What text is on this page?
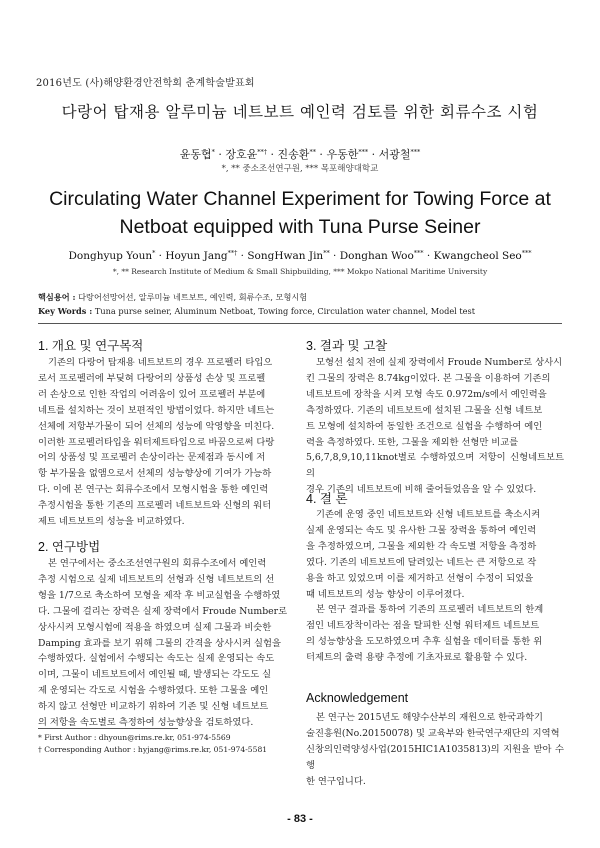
2016년도 (사)해양환경안전학회 춘계학술발표회
다랑어 탑재용 알루미늄 네트보트 예인력 검토를 위한 회류수조 시험
윤동협* · 장호윤**† · 진송환** · 우동한*** · 서광철***
*, ** 중소조선연구원, *** 목포해양대학교
Circulating Water Channel Experiment for Towing Force at Netboat equipped with Tuna Purse Seiner
Donghyup Youn* · Hoyun Jang**† · SongHwan Jin** · Donghan Woo*** · Kwangcheol Seo***
*, ** Research Institute of Medium & Small Shipbuilding, *** Mokpo National Maritime University
핵심용어 : 다랑어선망어선, 알루미늄 네트보트, 예인력, 회류수조, 모형시험
Key Words : Tuna purse seiner, Aluminum Netboat, Towing force, Circulation water channel, Model test
1. 개요 및 연구목적
기존의 다랑어 탑재용 네트보트의 경우 프로펠러 타입으
로서 프로펠러에 부딪혀 다랑어의 상품성 손상 및 프로펠
러 손상으로 인한 작업의 어려움이 있어 프로펠러 부분에
네트를 설치하는 것이 보편적인 방법이었다. 하지만 네트는
선체에 저항부가물이 되어 선체의 성능에 악영향을 미친다.
이러한 프로펠러타입을 워터제트타입으로 바꿈으로써 다랑
어의 상품성 및 프로펠러 손상이라는 문제점과 동시에 저
항 부가물을 없앰으로서 선체의 성능향상에 기여가 가능하
다. 이에 본 연구는 회류수조에서 모형시험을 통한 예인력
추정시험을 통한 기존의 프로펠러 네트보트와 신형의 워터
제트 네트보트의 성능을 비교하였다.
2. 연구방법
본 연구에서는 중소조선연구원의 회류수조에서 예인력
추정 시험으로 실제 네트보트의 선형과 신형 네트보트의 선
형을 1/7으로 축소하여 모형을 제작 후 비교실험을 수행하였
다. 그물에 걸리는 장력은 실제 장력에서 Froude Number로
상사시켜 모형시험에 적용을 하였으며 실제 그물과 비슷한
Damping 효과를 보기 위해 그물의 간격을 상사시켜 실험을
수행하였다. 실험에서 수행되는 속도는 실제 운영되는 속도
이며, 그물이 네트보트에서 예인될 때, 발생되는 각도도 실
제 운영되는 각도로 시험을 수행하였다. 또한 그물을 예인
하지 않고 선형만 비교하기 위하여 기존 및 신형 네트보트
의 저항을 속도별로 측정하여 성능향상을 검토하였다.
* First Author : dhyoun@rims.re.kr, 051-974-5569
† Corresponding Author : hyjang@rims.re.kr, 051-974-5581
3. 결과 및 고찰
모형선 설치 전에 실제 장력에서 Froude Number로 상사시
킨 그물의 장력은 8.74kg이었다. 본 그물을 이용하여 기존의
네트보트에 장착을 시켜 모형 속도 0.972m/s에서 예인력을
측정하였다. 기존의 네트보트에 설치된 그물을 신형 네트보
트 모형에 설치하여 동일한 조건으로 실험을 수행하여 예인
력을 측정하였다. 또한, 그물을 제외한 선형만 비교를
5,6,7,8,9,10,11knot별로 수행하였으며 저항이 신형네트보트의
경우 기존의 네트보트에 비해 줄어들었음을 알 수 있었다.
4. 결 론
기존에 운영 중인 네트보트와 신형 네트보트를 축소시켜
실제 운영되는 속도 및 유사한 그물 장력을 통하여 예인력
을 추정하였으며, 그물을 제외한 각 속도별 저항을 측정하
였다. 기존의 네트보트에 달려있는 네트는 큰 저항으로 작
용을 하고 있었으며 이를 제거하고 선형이 수정이 되었을
때 네트보트의 성능 향상이 이루어졌다.
본 연구 결과를 통하여 기존의 프로펠러 네트보트의 한계
점인 네트장착이라는 점을 탈피한 신형 워터제트 네트보트
의 성능향상을 도모하였으며 추후 실험을 데이터를 통한 위
터제트의 출력 용량 추정에 기초자료로 활용할 수 있다.
Acknowledgement
본 연구는 2015년도 해양수산부의 재원으로 한국과학기
술진흥원(No.20150078) 및 교육부와 한국연구재단의 지역혁
신창의인력양성사업(2015HIC1A1035813)의 지원을 받아 수행
한 연구입니다.
- 83 -
